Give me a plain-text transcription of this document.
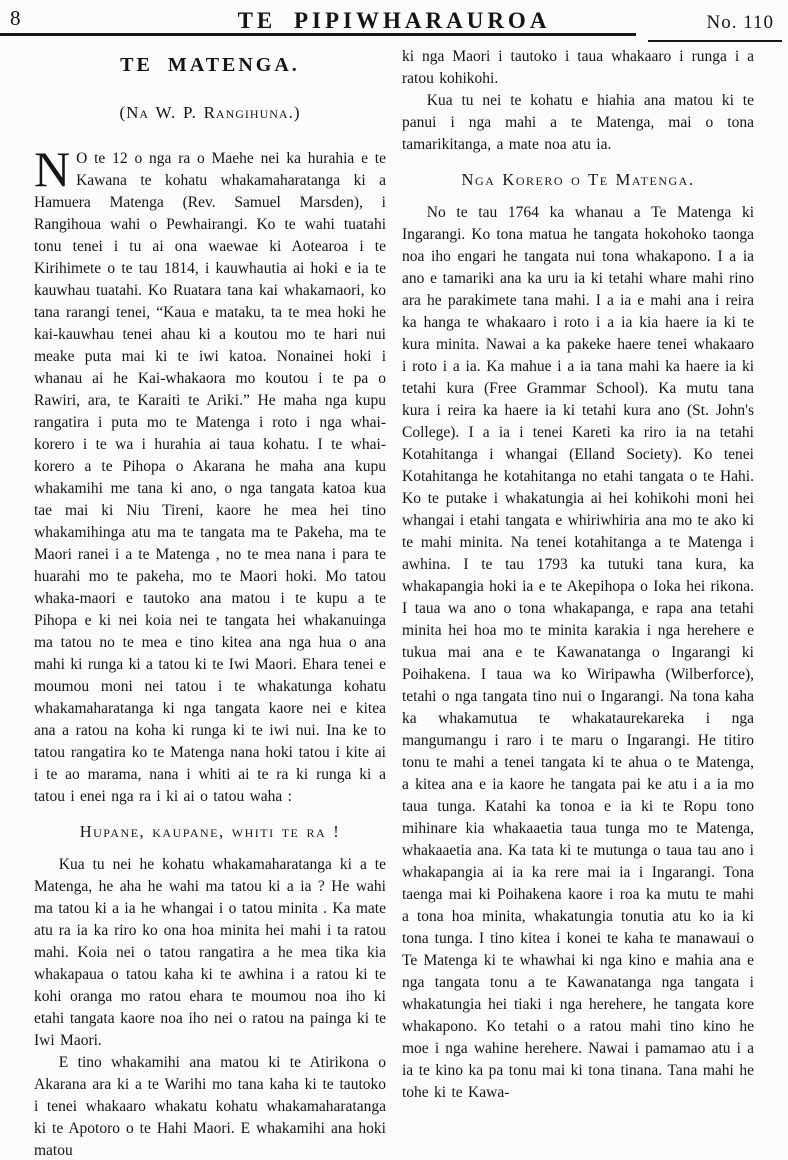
8	TE PIPIWHARAUROA	No. 110
TE MATENGA.
(Na W. P. Rangihuna.)

N O te 12 o nga ra o Maehe nei ka hurahia e te Kawana te kohatu whakamaharatanga ki a Hamuera Matenga (Rev. Samuel Marsden), i Rangihoua wahi o Pewhairangi. Ko te wahi tuatahi tonu tenei i tu ai ona waewae ki Aotearoa i te Kirihimete o te tau 1814, i kauwhautia ai hoki e ia te kauwhau tuatahi. Ko Ruatara tana kai whakamaori, ko tana rarangi tenei, “Kaua e mataku, ta te mea hoki he kai-kauwhau tenei ahau ki a koutou mo te hari nui meake puta mai ki te iwi katoa. Nonainei hoki i whanau ai he Kai-whakaora mo koutou i te pa o Rawiri, ara, te Karaiti te Ariki.” He maha nga kupu rangatira i puta mo te Matenga i roto i nga whai-korero i te wa i hurahia ai taua kohatu. I te whai-korero a te Pihopa o Akarana he maha ana kupu whakamihi me tana ki ano, o nga tangata katoa kua tae mai ki Niu Tireni, kaore he mea hei tino whakamihinga atu ma te tangata ma te Pakeha, ma te Maori ranei i a te Matenga , no te mea nana i para te huarahi mo te pakeha, mo te Maori hoki. Mo tatou whaka-maori e tautoko ana matou i te kupu a te Pihopa e ki nei koia nei te tangata hei whakanuinga ma tatou no te mea e tino kitea ana nga hua o ana mahi ki runga ki a tatou ki te Iwi Maori. Ehara tenei e moumou moni nei tatou i te whakatunga kohatu whakamaharatanga ki nga tangata kaore nei e kitea ana a ratou na koha ki runga ki te iwi nui. Ina ke to tatou rangatira ko te Matenga nana hoki tatou i kite ai i te ao marama, nana i whiti ai te ra ki runga ki a tatou i enei nga ra i ki ai o tatou waha :

Hupane, kaupane, whiti te ra !

Kua tu nei he kohatu whakamaharatanga ki a te Matenga, he aha he wahi ma tatou ki a ia ? He wahi ma tatou ki a ia he whangai i o tatou minita . Ka mate atu ra ia ka riro ko ona hoa minita hei mahi i ta ratou mahi. Koia nei o tatou rangatira a he mea tika kia whakapaua o tatou kaha ki te awhina i a ratou ki te kohi oranga mo ratou ehara te moumou noa iho ki etahi tangata kaore noa iho nei o ratou na painga ki te Iwi Maori.

E tino whakamihi ana matou ki te Atirikona o Akarana ara ki a te Warihi mo tana kaha ki te tautoko i tenei whakaaro whakatu kohatu whakamaharatanga ki te Apotoro o te Hahi Maori. E whakamihi ana hoki matou

ki nga Maori i tautoko i taua whakaaro i runga i a ratou kohikohi.

Kua tu nei te kohatu e hiahia ana matou ki te panui i nga mahi a te Matenga, mai o tona tamarikitanga, a mate noa atu ia.

Nga Korero o Te Matenga.

No te tau 1764 ka whanau a Te Matenga ki Ingarangi. Ko tona matua he tangata hokohoko taonga noa iho engari he tangata nui tona whakapono. I a ia ano e tamariki ana ka uru ia ki tetahi whare mahi rino ara he parakimete tana mahi. I a ia e mahi ana i reira ka hanga te whakaaro i roto i a ia kia haere ia ki te kura minita. Nawai a ka pakeke haere tenei whakaaro i roto i a ia. Ka mahue i a ia tana mahi ka haere ia ki tetahi kura (Free Grammar School). Ka mutu tana kura i reira ka haere ia ki tetahi kura ano (St. John's College). I a ia i tenei Kareti ka riro ia na tetahi Kotahitanga i whangai (Elland Society). Ko tenei Kotahitanga he kotahitanga no etahi tangata o te Hahi. Ko te putake i whakatungia ai hei kohikohi moni hei whangai i etahi tangata e whiriwhiria ana mo te ako ki te mahi minita. Na tenei kotahitanga a te Matenga i awhina. I te tau 1793 ka tutuki tana kura, ka whakapangia hoki ia e te Akepihopa o Ioka hei rikona. I taua wa ano o tona whakapanga, e rapa ana tetahi minita hei hoa mo te minita karakia i nga herehere e tukua mai ana e te Kawanatanga o Ingarangi ki Poihakena. I taua wa ko Wiripawha (Wilberforce), tetahi o nga tangata tino nui o Ingarangi. Na tona kaha ka whakamutua te whakataurekareka i nga mangumangu i raro i te maru o Ingarangi. He titiro tonu te mahi a tenei tangata ki te ahua o te Matenga, a kitea ana e ia kaore he tangata pai ke atu i a ia mo taua tunga. Katahi ka tonoa e ia ki te Ropu tono mihinare kia whakaaetia taua tunga mo te Matenga, whakaaetia ana. Ka tata ki te mutunga o taua tau ano i whakapangia ai ia ka rere mai ia i Ingarangi. Tona taenga mai ki Poihakena kaore i roa ka mutu te mahi a tona hoa minita, whakatungia tonutia atu ko ia ki tona tunga. I tino kitea i konei te kaha te manawaui o Te Matenga ki te whawhai ki nga kino e mahia ana e nga tangata tonu a te Kawanatanga nga tangata i whakatungia hei tiaki i nga herehere, he tangata kore whakapono. Ko tetahi o a ratou mahi tino kino he moe i nga wahine herehere. Nawai i pamamao atu i a ia te kino ka pa tonu mai ki tona tinana. Tana mahi he tohe ki te Kawa-
